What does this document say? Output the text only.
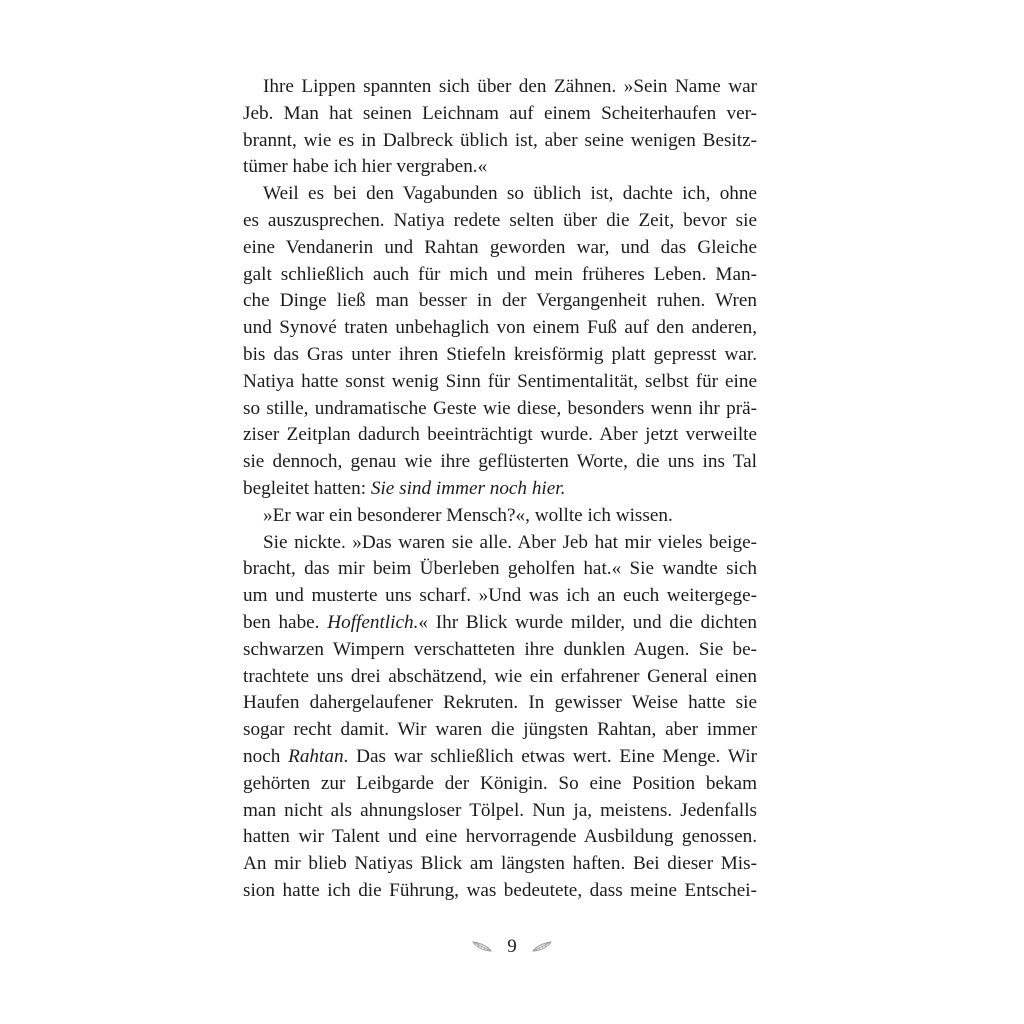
Ihre Lippen spannten sich über den Zähnen. »Sein Name war
Jeb. Man hat seinen Leichnam auf einem Scheiterhaufen ver-
brannt, wie es in Dalbreck üblich ist, aber seine wenigen Besitz-
tümer habe ich hier vergraben.«
Weil es bei den Vagabunden so üblich ist, dachte ich, ohne
es auszusprechen. Natiya redete selten über die Zeit, bevor sie
eine Vendanerin und Rahtan geworden war, und das Gleiche
galt schließlich auch für mich und mein früheres Leben. Man-
che Dinge ließ man besser in der Vergangenheit ruhen. Wren
und Synové traten unbehaglich von einem Fuß auf den anderen,
bis das Gras unter ihren Stiefeln kreisförmig platt gepresst war.
Natiya hatte sonst wenig Sinn für Sentimentalität, selbst für eine
so stille, undramatische Geste wie diese, besonders wenn ihr prä-
ziser Zeitplan dadurch beeinträchtigt wurde. Aber jetzt verweilte
sie dennoch, genau wie ihre geflüsterten Worte, die uns ins Tal
begleitet hatten: Sie sind immer noch hier.
»Er war ein besonderer Mensch?«, wollte ich wissen.
Sie nickte. »Das waren sie alle. Aber Jeb hat mir vieles beige-
bracht, das mir beim Überleben geholfen hat.« Sie wandte sich
um und musterte uns scharf. »Und was ich an euch weitergege-
ben habe. Hoffentlich.« Ihr Blick wurde milder, und die dichten
schwarzen Wimpern verschatteten ihre dunklen Augen. Sie be-
trachtete uns drei abschätzend, wie ein erfahrener General einen
Haufen dahergelaufener Rekruten. In gewisser Weise hatte sie
sogar recht damit. Wir waren die jüngsten Rahtan, aber immer
noch Rahtan. Das war schließlich etwas wert. Eine Menge. Wir
gehörten zur Leibgarde der Königin. So eine Position bekam
man nicht als ahnungsloser Tölpel. Nun ja, meistens. Jedenfalls
hatten wir Talent und eine hervorragende Ausbildung genossen.
An mir blieb Natiyas Blick am längsten haften. Bei dieser Mis-
sion hatte ich die Führung, was bedeutete, dass meine Entschei-
9
